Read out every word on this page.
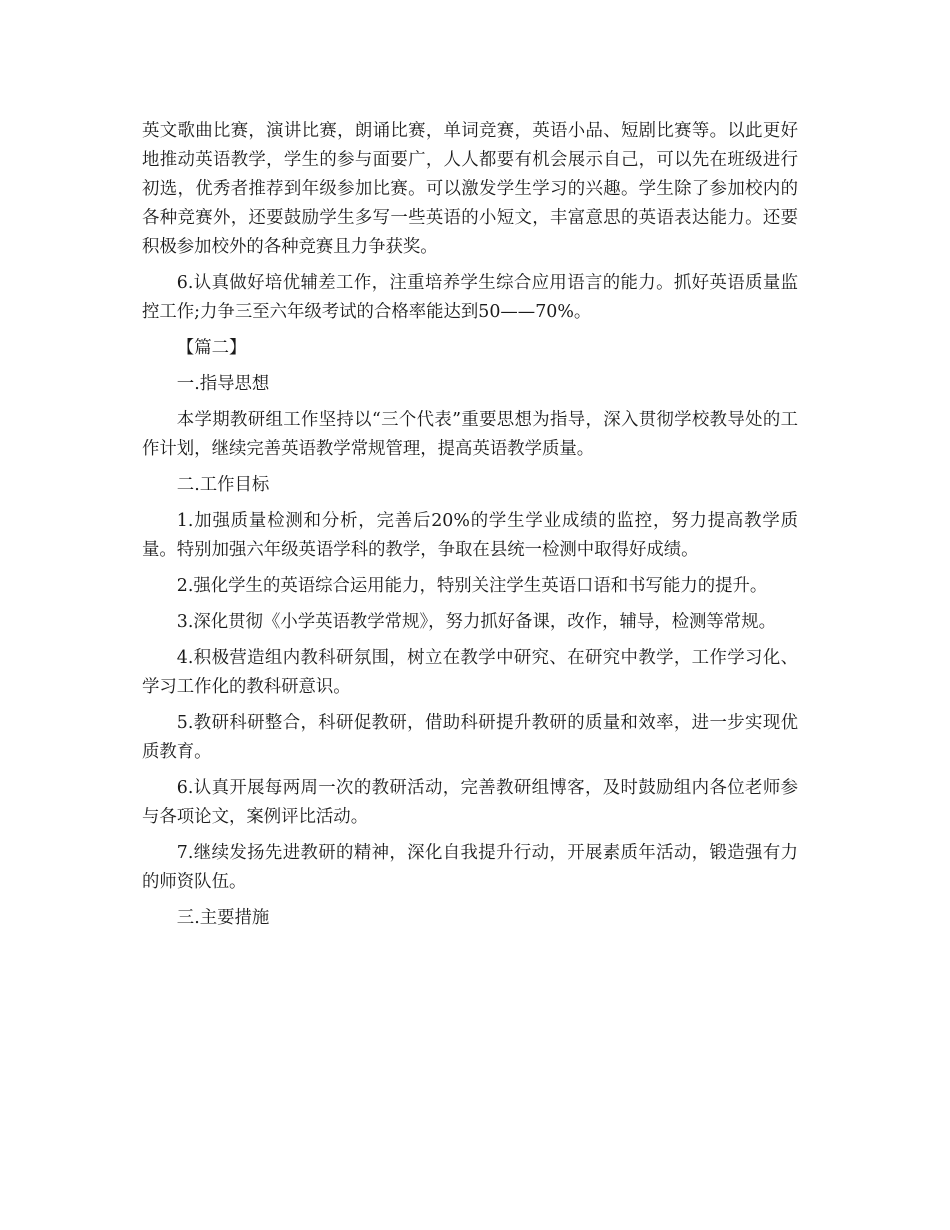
英文歌曲比赛，演讲比赛，朗诵比赛，单词竞赛，英语小品、短剧比赛等。以此更好地推动英语教学，学生的参与面要广，人人都要有机会展示自己，可以先在班级进行初选，优秀者推荐到年级参加比赛。可以激发学生学习的兴趣。学生除了参加校内的各种竞赛外，还要鼓励学生多写一些英语的小短文，丰富意思的英语表达能力。还要积极参加校外的各种竞赛且力争获奖。

6.认真做好培优辅差工作，注重培养学生综合应用语言的能力。抓好英语质量监控工作;力争三至六年级考试的合格率能达到50——70%。

【篇二】

一.指导思想

本学期教研组工作坚持以“三个代表”重要思想为指导，深入贯彻学校教导处的工作计划，继续完善英语教学常规管理，提高英语教学质量。

二.工作目标

1.加强质量检测和分析，完善后20%的学生学业成绩的监控，努力提高教学质量。特别加强六年级英语学科的教学，争取在县统一检测中取得好成绩。

2.强化学生的英语综合运用能力，特别关注学生英语口语和书写能力的提升。

3.深化贯彻《小学英语教学常规》，努力抓好备课，改作，辅导，检测等常规。

4.积极营造组内教科研氛围，树立在教学中研究、在研究中教学，工作学习化、学习工作化的教科研意识。

5.教研科研整合，科研促教研，借助科研提升教研的质量和效率，进一步实现优质教育。

6.认真开展每两周一次的教研活动，完善教研组博客，及时鼓励组内各位老师参与各项论文，案例评比活动。

7.继续发扬先进教研的精神，深化自我提升行动，开展素质年活动，锻造强有力的师资队伍。

三.主要措施
